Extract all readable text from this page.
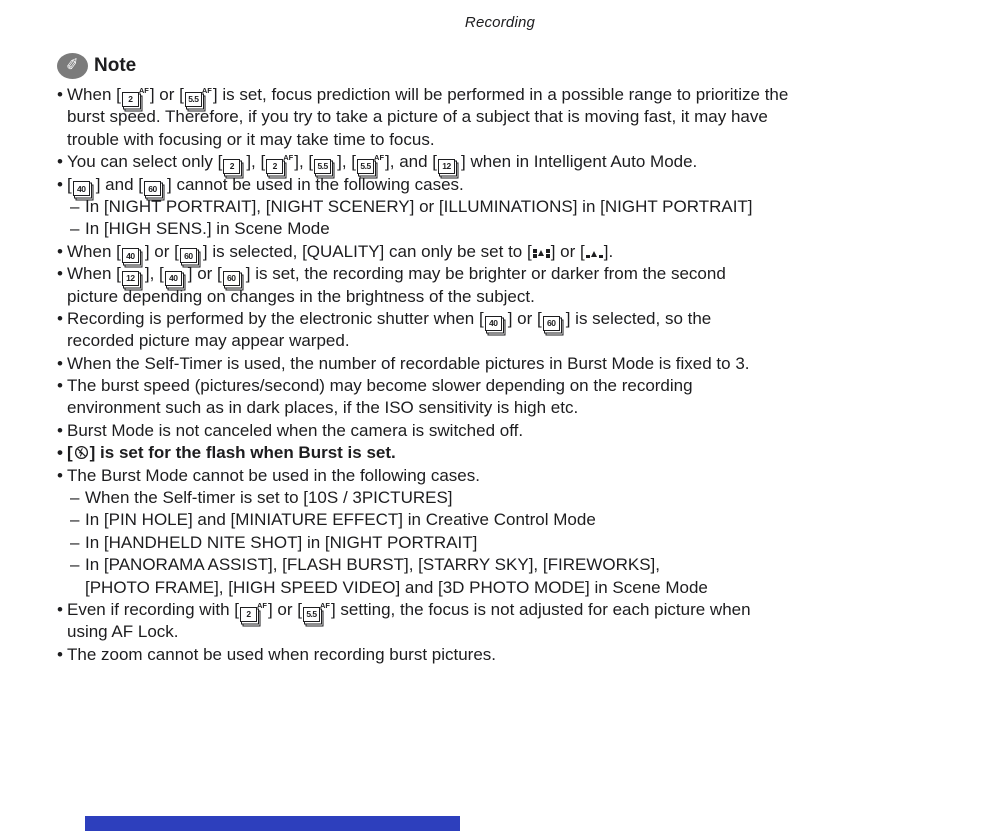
Recording
✐ Note
• When [ 2
AF ] or [ 5.5
AF ] is set, focus prediction will be performed in a possible range to prioritize the
burst speed. Therefore, if you try to take a picture of a subject that is moving fast, it may have
trouble with focusing or it may take time to focus.
• You can select only [ 2 ], [ 2
AF ], [ 5.5 ], [ 5.5
AF ], and [ 12 ] when in Intelligent Auto Mode.
• [ 40 ] and [ 60 ] cannot be used in the following cases.
– In [NIGHT PORTRAIT], [NIGHT SCENERY] or [ILLUMINATIONS] in [NIGHT PORTRAIT]
– In [HIGH SENS.] in Scene Mode
• When [ 40 ] or [ 60 ] is selected, [QUALITY] can only be set to [ ] or [ ].
• When [ 12 ], [ 40 ] or [ 60 ] is set, the recording may be brighter or darker from the second
picture depending on changes in the brightness of the subject.
• Recording is performed by the electronic shutter when [ 40 ] or [ 60 ] is selected, so the
recorded picture may appear warped.
• When the Self-Timer is used, the number of recordable pictures in Burst Mode is fixed to 3.
• The burst speed (pictures/second) may become slower depending on the recording
environment such as in dark places, if the ISO sensitivity is high etc.
• Burst Mode is not canceled when the camera is switched off.
• [ ] is set for the flash when Burst is set.
• The Burst Mode cannot be used in the following cases.
– When the Self-timer is set to [10S / 3PICTURES]
– In [PIN HOLE] and [MINIATURE EFFECT] in Creative Control Mode
– In [HANDHELD NITE SHOT] in [NIGHT PORTRAIT]
– In [PANORAMA ASSIST], [FLASH BURST], [STARRY SKY], [FIREWORKS],
[PHOTO FRAME], [HIGH SPEED VIDEO] and [3D PHOTO MODE] in Scene Mode
• Even if recording with [ 2
AF ] or [ 5.5
AF ] setting, the focus is not adjusted for each picture when
using AF Lock.
• The zoom cannot be used when recording burst pictures.
